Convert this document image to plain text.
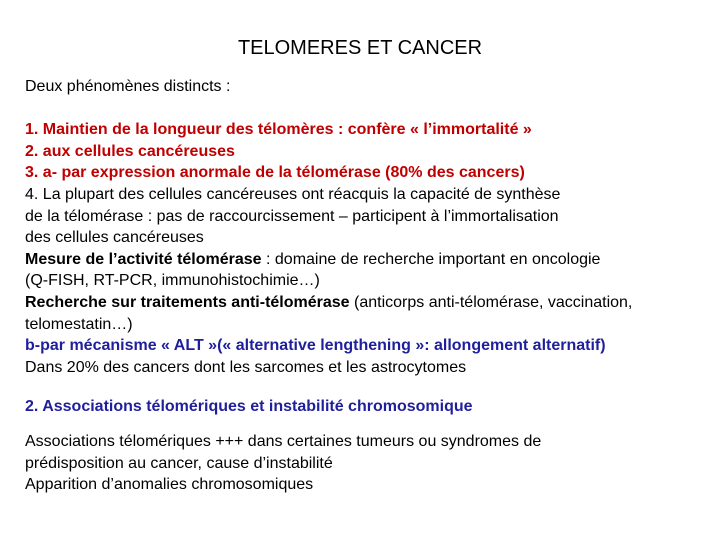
TELOMERES ET CANCER
Deux phénomènes distincts :
1. Maintien de la longueur des télomères : confère « l’immortalité »
2. aux cellules cancéreuses
3. a- par expression anormale de la télomérase (80% des cancers)
4. La plupart des cellules cancéreuses ont réacquis la capacité de synthèse
de la télomérase : pas de raccourcissement – participent à l’immortalisation
des cellules cancéreuses
Mesure de l’activité télomérase : domaine de recherche important en oncologie
(Q-FISH, RT-PCR, immunohistochimie…)
Recherche sur traitements anti-télomérase (anticorps anti-télomérase, vaccination,
telomestatin…)
b-par mécanisme « ALT »(« alternative lengthening »: allongement alternatif)
Dans 20% des cancers dont les sarcomes et les astrocytomes
2. Associations télomériques et instabilité chromosomique
Associations télomériques +++ dans certaines tumeurs ou syndromes de
prédisposition au cancer, cause d’instabilité
Apparition d’anomalies chromosomiques
